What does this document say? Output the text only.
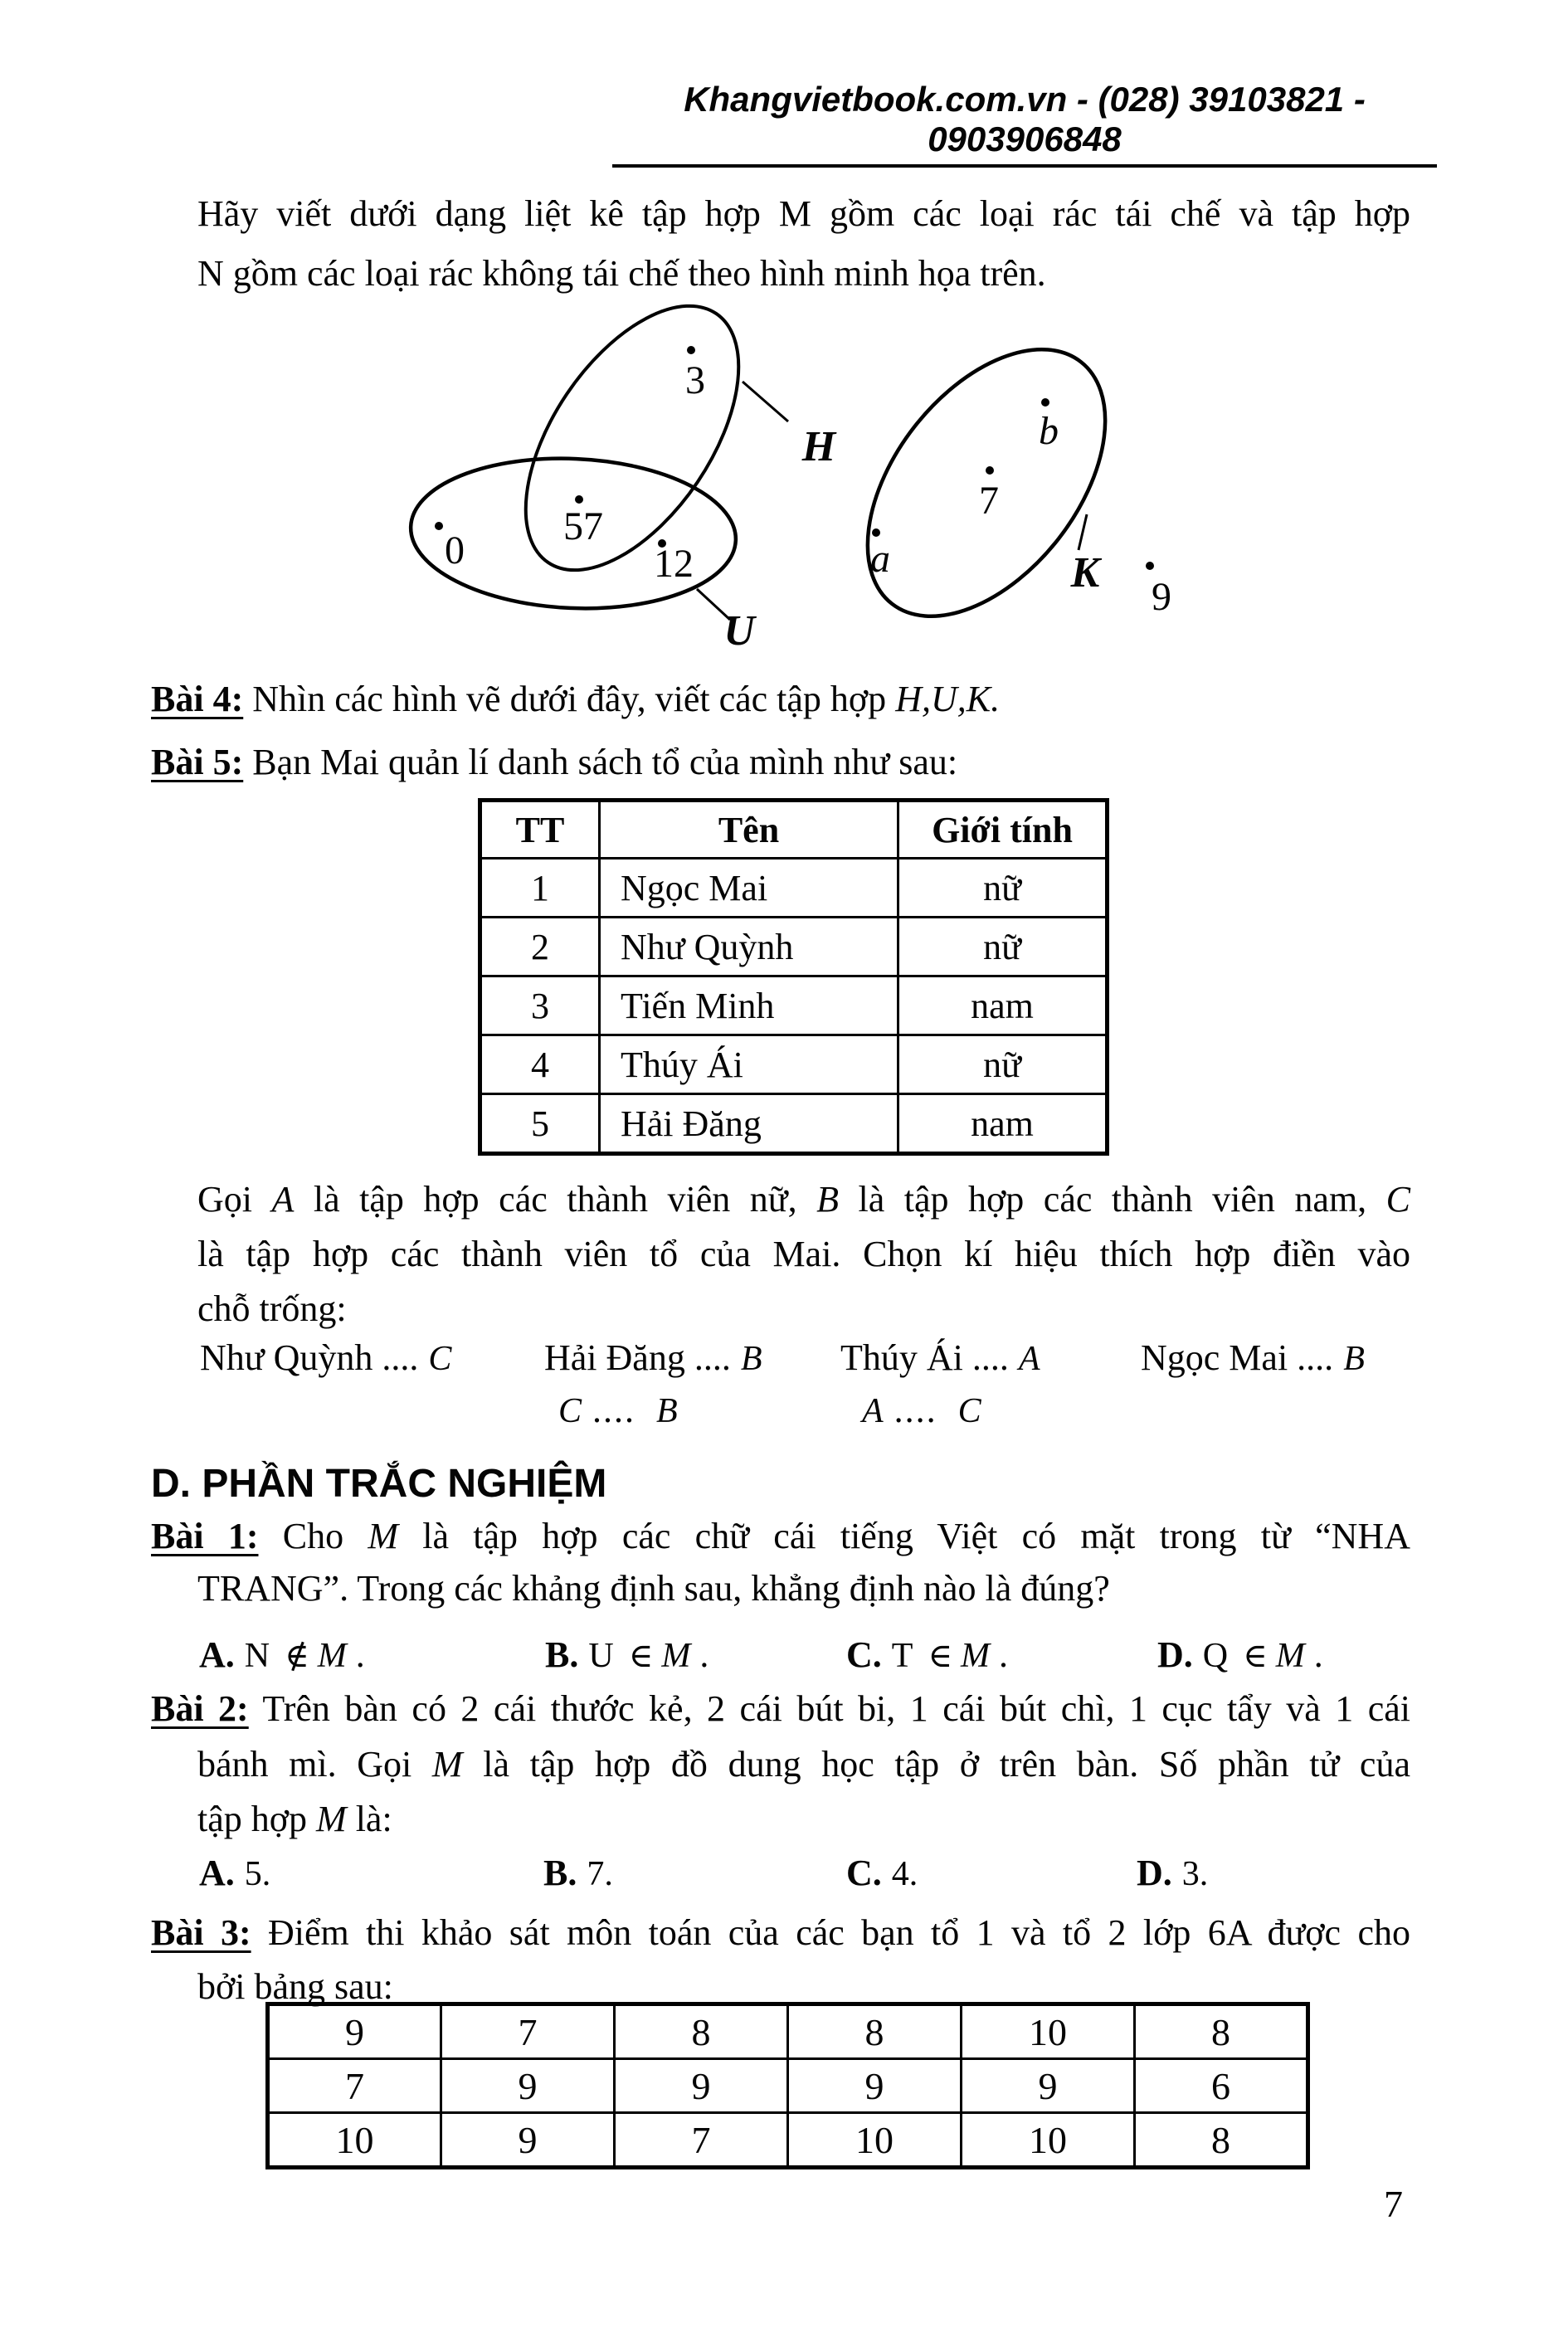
Khangvietbook.com.vn - (028) 39103821 - 0903906848
Hãy viết dưới dạng liệt kê tập hợp M gồm các loại rác tái chế và tập hợp
N gồm các loại rác không tái chế theo hình minh họa trên.
H
U
K
3
57
0	12
b
7
a
9
Bài 4: Nhìn các hình vẽ dưới đây, viết các tập hợp H,U,K.
Bài 5: Bạn Mai quản lí danh sách tổ của mình như sau:
TT	Tên	Giới tính
1	Ngọc Mai	nữ
2	Như Quỳnh	nữ
3	Tiến Minh	nam
4	Thúy Ái	nữ
5	Hải Đăng	nam
Gọi A là tập hợp các thành viên nữ, B là tập hợp các thành viên nam, C
là tập hợp các thành viên tổ của Mai. Chọn kí hiệu thích hợp điền vào
chỗ trống:
Như Quỳnh .... C	Hải Đăng .... B Thúy Ái .... A	Ngọc Mai .... B
C .... B	A .... C
D. PHẦN TRẮC NGHIỆM
Bài 1: Cho M là tập hợp các chữ cái tiếng Việt có mặt trong từ “NHA
TRANG”. Trong các khảng định sau, khẳng định nào là đúng?
A. N ∉ M .	B. U ∈ M .	C. T ∈ M .	D. Q ∈ M .
Bài 2: Trên bàn có 2 cái thước kẻ, 2 cái bút bi, 1 cái bút chì, 1 cục tẩy và 1 cái
bánh mì. Gọi M là tập hợp đồ dung học tập ở trên bàn. Số phần tử của
tập hợp M là:
A. 5.	B. 7.	C. 4.	D. 3.
Bài 3: Điểm thi khảo sát môn toán của các bạn tổ 1 và tổ 2 lớp 6A được cho
bởi bảng sau:
9	7	8	8	10	8
7	9	9	9	9	6
10	9	7	10	10	8
7
